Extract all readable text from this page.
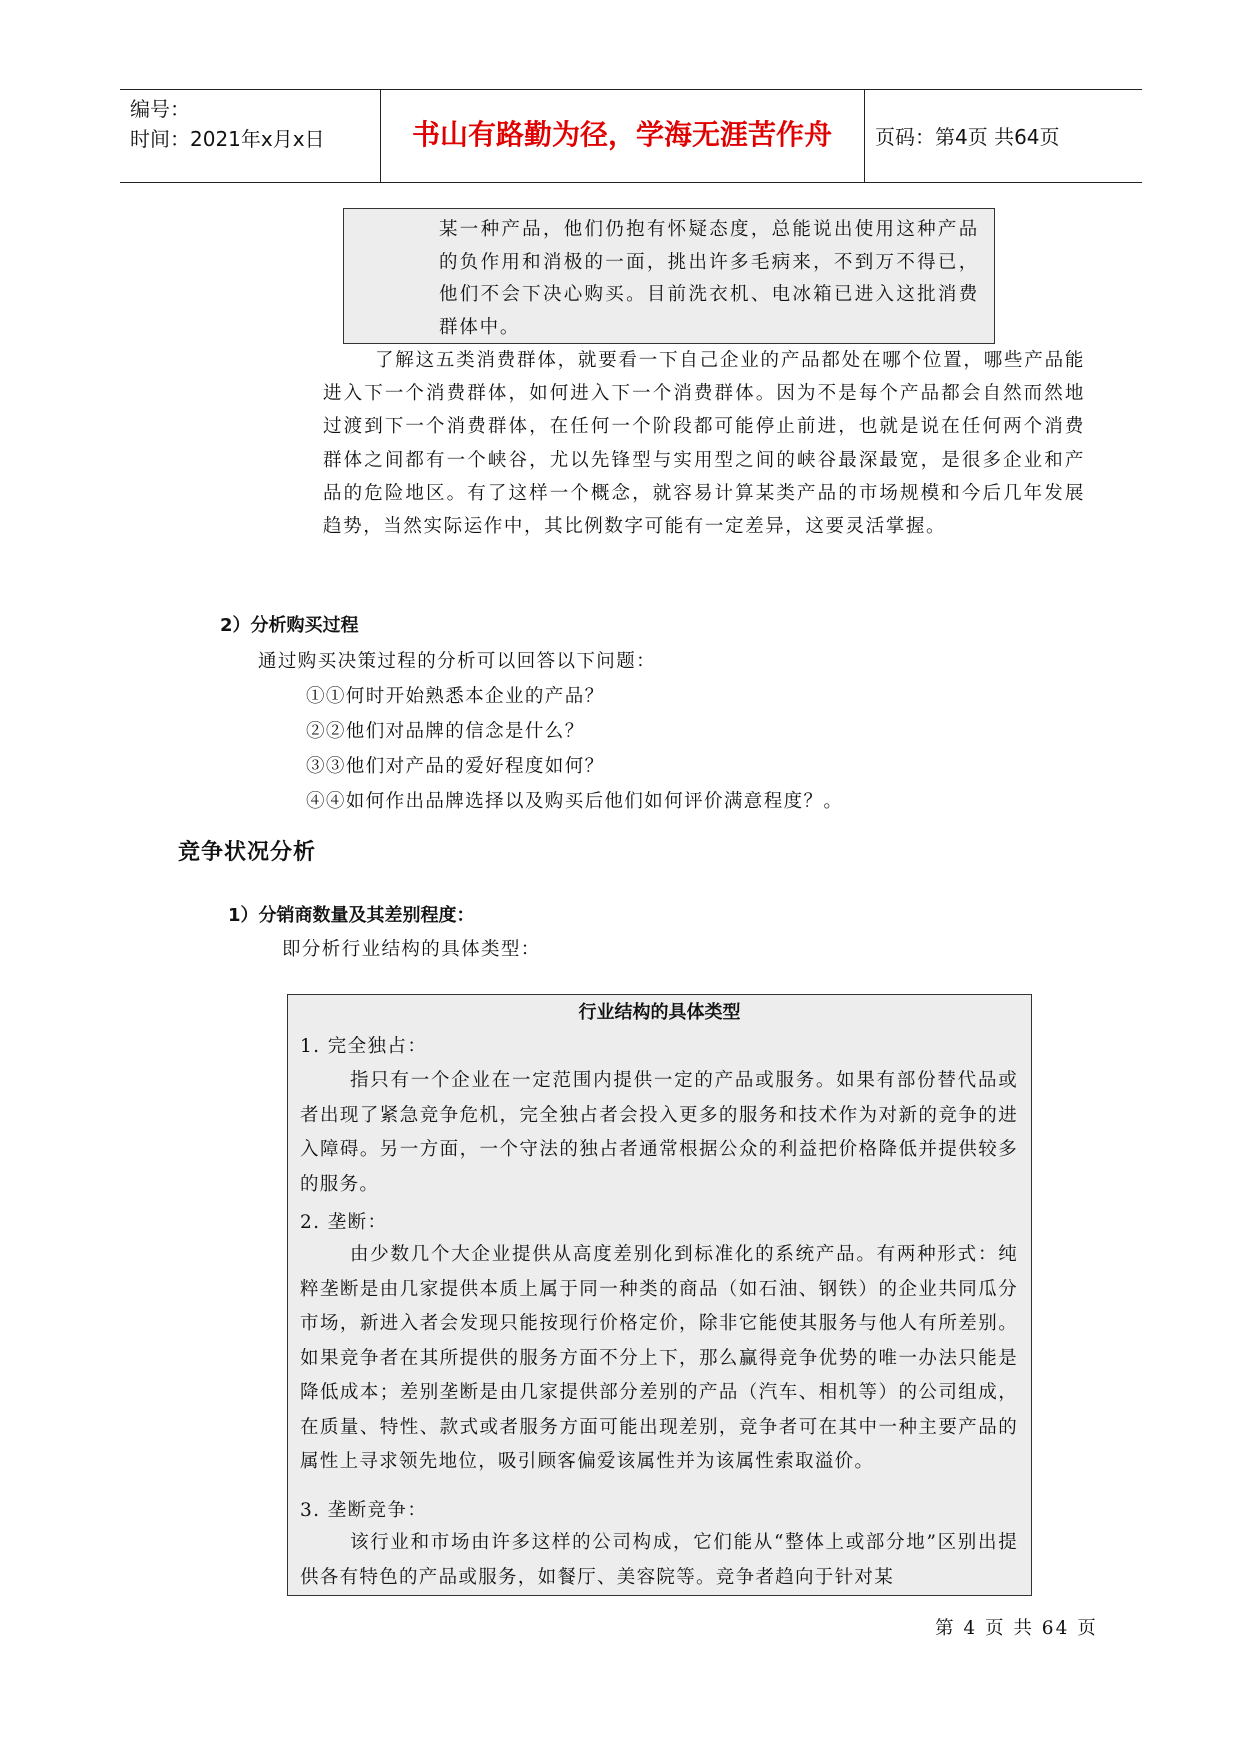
编号：
时间：2021年x月x日	书山有路勤为径，学海无涯苦作舟	页码：第4页 共64页

某一种产品，他们仍抱有怀疑态度，总能说出使用这种产品的负作用和消极的一面，挑出许多毛病来，不到万不得已，他们不会下决心购买。目前洗衣机、电冰箱已进入这批消费群体中。

了解这五类消费群体，就要看一下自己企业的产品都处在哪个位置，哪些产品能进入下一个消费群体，如何进入下一个消费群体。因为不是每个产品都会自然而然地过渡到下一个消费群体，在任何一个阶段都可能停止前进，也就是说在任何两个消费群体之间都有一个峡谷，尤以先锋型与实用型之间的峡谷最深最宽，是很多企业和产品的危险地区。有了这样一个概念，就容易计算某类产品的市场规模和今后几年发展趋势，当然实际运作中，其比例数字可能有一定差异，这要灵活掌握。

2）分析购买过程
通过购买决策过程的分析可以回答以下问题：
①①何时开始熟悉本企业的产品？
②②他们对品牌的信念是什么？
③③他们对产品的爱好程度如何？
④④如何作出品牌选择以及购买后他们如何评价满意程度？。
竞争状况分析
1）分销商数量及其差别程度：
即分析行业结构的具体类型：
行业结构的具体类型
1. 完全独占：

指只有一个企业在一定范围内提供一定的产品或服务。如果有部份替代品或者出现了紧急竞争危机，完全独占者会投入更多的服务和技术作为对新的竞争的进入障碍。另一方面，一个守法的独占者通常根据公众的利益把价格降低并提供较多的服务。

2. 垄断：

由少数几个大企业提供从高度差别化到标准化的系统产品。有两种形式：纯粹垄断是由几家提供本质上属于同一种类的商品（如石油、钢铁）的企业共同瓜分市场，新进入者会发现只能按现行价格定价，除非它能使其服务与他人有所差别。如果竞争者在其所提供的服务方面不分上下，那么赢得竞争优势的唯一办法只能是降低成本；差别垄断是由几家提供部分差别的产品（汽车、相机等）的公司组成，在质量、特性、款式或者服务方面可能出现差别，竞争者可在其中一种主要产品的属性上寻求领先地位，吸引顾客偏爱该属性并为该属性索取溢价。

3. 垄断竞争：

该行业和市场由许多这样的公司构成，它们能从“整体上或部分地”区别出提供各有特色的产品或服务，如餐厅、美容院等。竞争者趋向于针对某

第 4 页 共 64 页
